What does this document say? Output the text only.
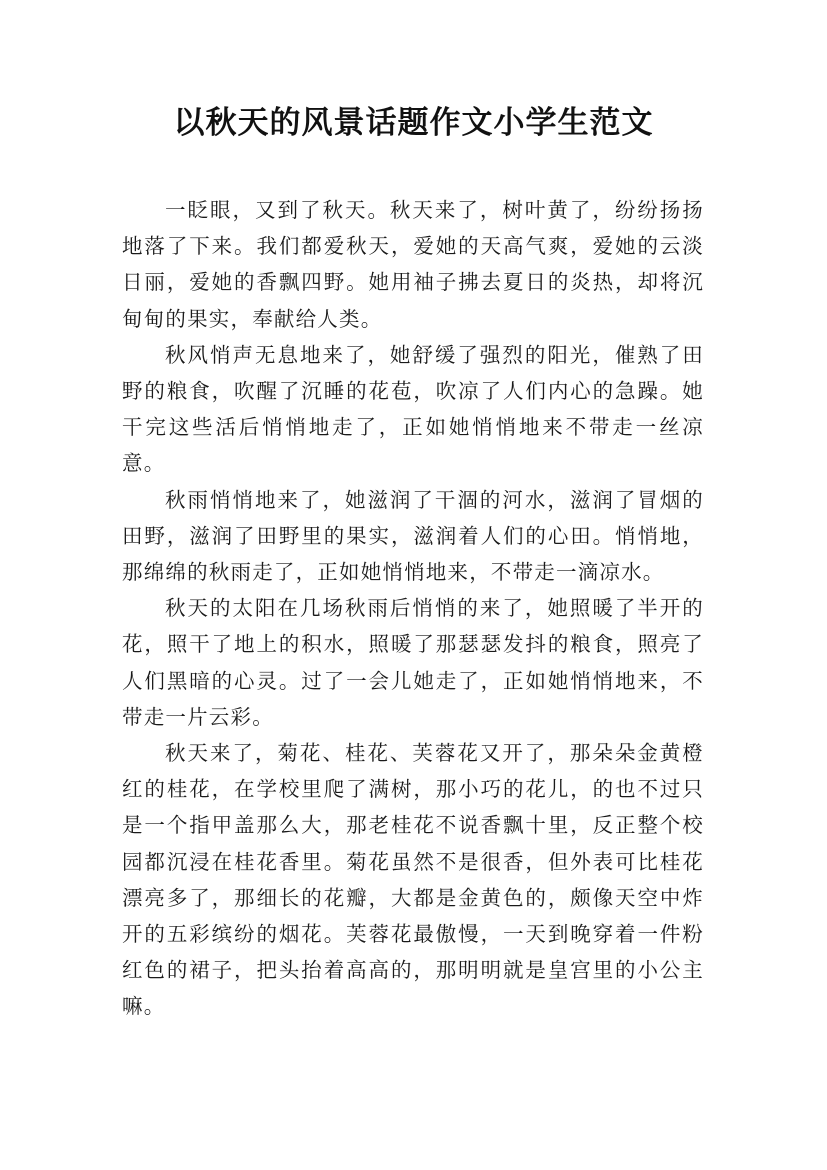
以秋天的风景话题作文小学生范文

一眨眼，又到了秋天。秋天来了，树叶黄了，纷纷扬扬地落了下来。我们都爱秋天，爱她的天高气爽，爱她的云淡日丽，爱她的香飘四野。她用袖子拂去夏日的炎热，却将沉甸甸的果实，奉献给人类。

秋风悄声无息地来了，她舒缓了强烈的阳光，催熟了田野的粮食，吹醒了沉睡的花苞，吹凉了人们内心的急躁。她干完这些活后悄悄地走了，正如她悄悄地来不带走一丝凉意。

秋雨悄悄地来了，她滋润了干涸的河水，滋润了冒烟的田野，滋润了田野里的果实，滋润着人们的心田。悄悄地，那绵绵的秋雨走了，正如她悄悄地来，不带走一滴凉水。

秋天的太阳在几场秋雨后悄悄的来了，她照暖了半开的花，照干了地上的积水，照暖了那瑟瑟发抖的粮食，照亮了人们黑暗的心灵。过了一会儿她走了，正如她悄悄地来，不带走一片云彩。

秋天来了，菊花、桂花、芙蓉花又开了，那朵朵金黄橙红的桂花，在学校里爬了满树，那小巧的花儿，的也不过只是一个指甲盖那么大，那老桂花不说香飘十里，反正整个校园都沉浸在桂花香里。菊花虽然不是很香，但外表可比桂花漂亮多了，那细长的花瓣，大都是金黄色的，颇像天空中炸开的五彩缤纷的烟花。芙蓉花最傲慢，一天到晚穿着一件粉红色的裙子，把头抬着高高的，那明明就是皇宫里的小公主嘛。
